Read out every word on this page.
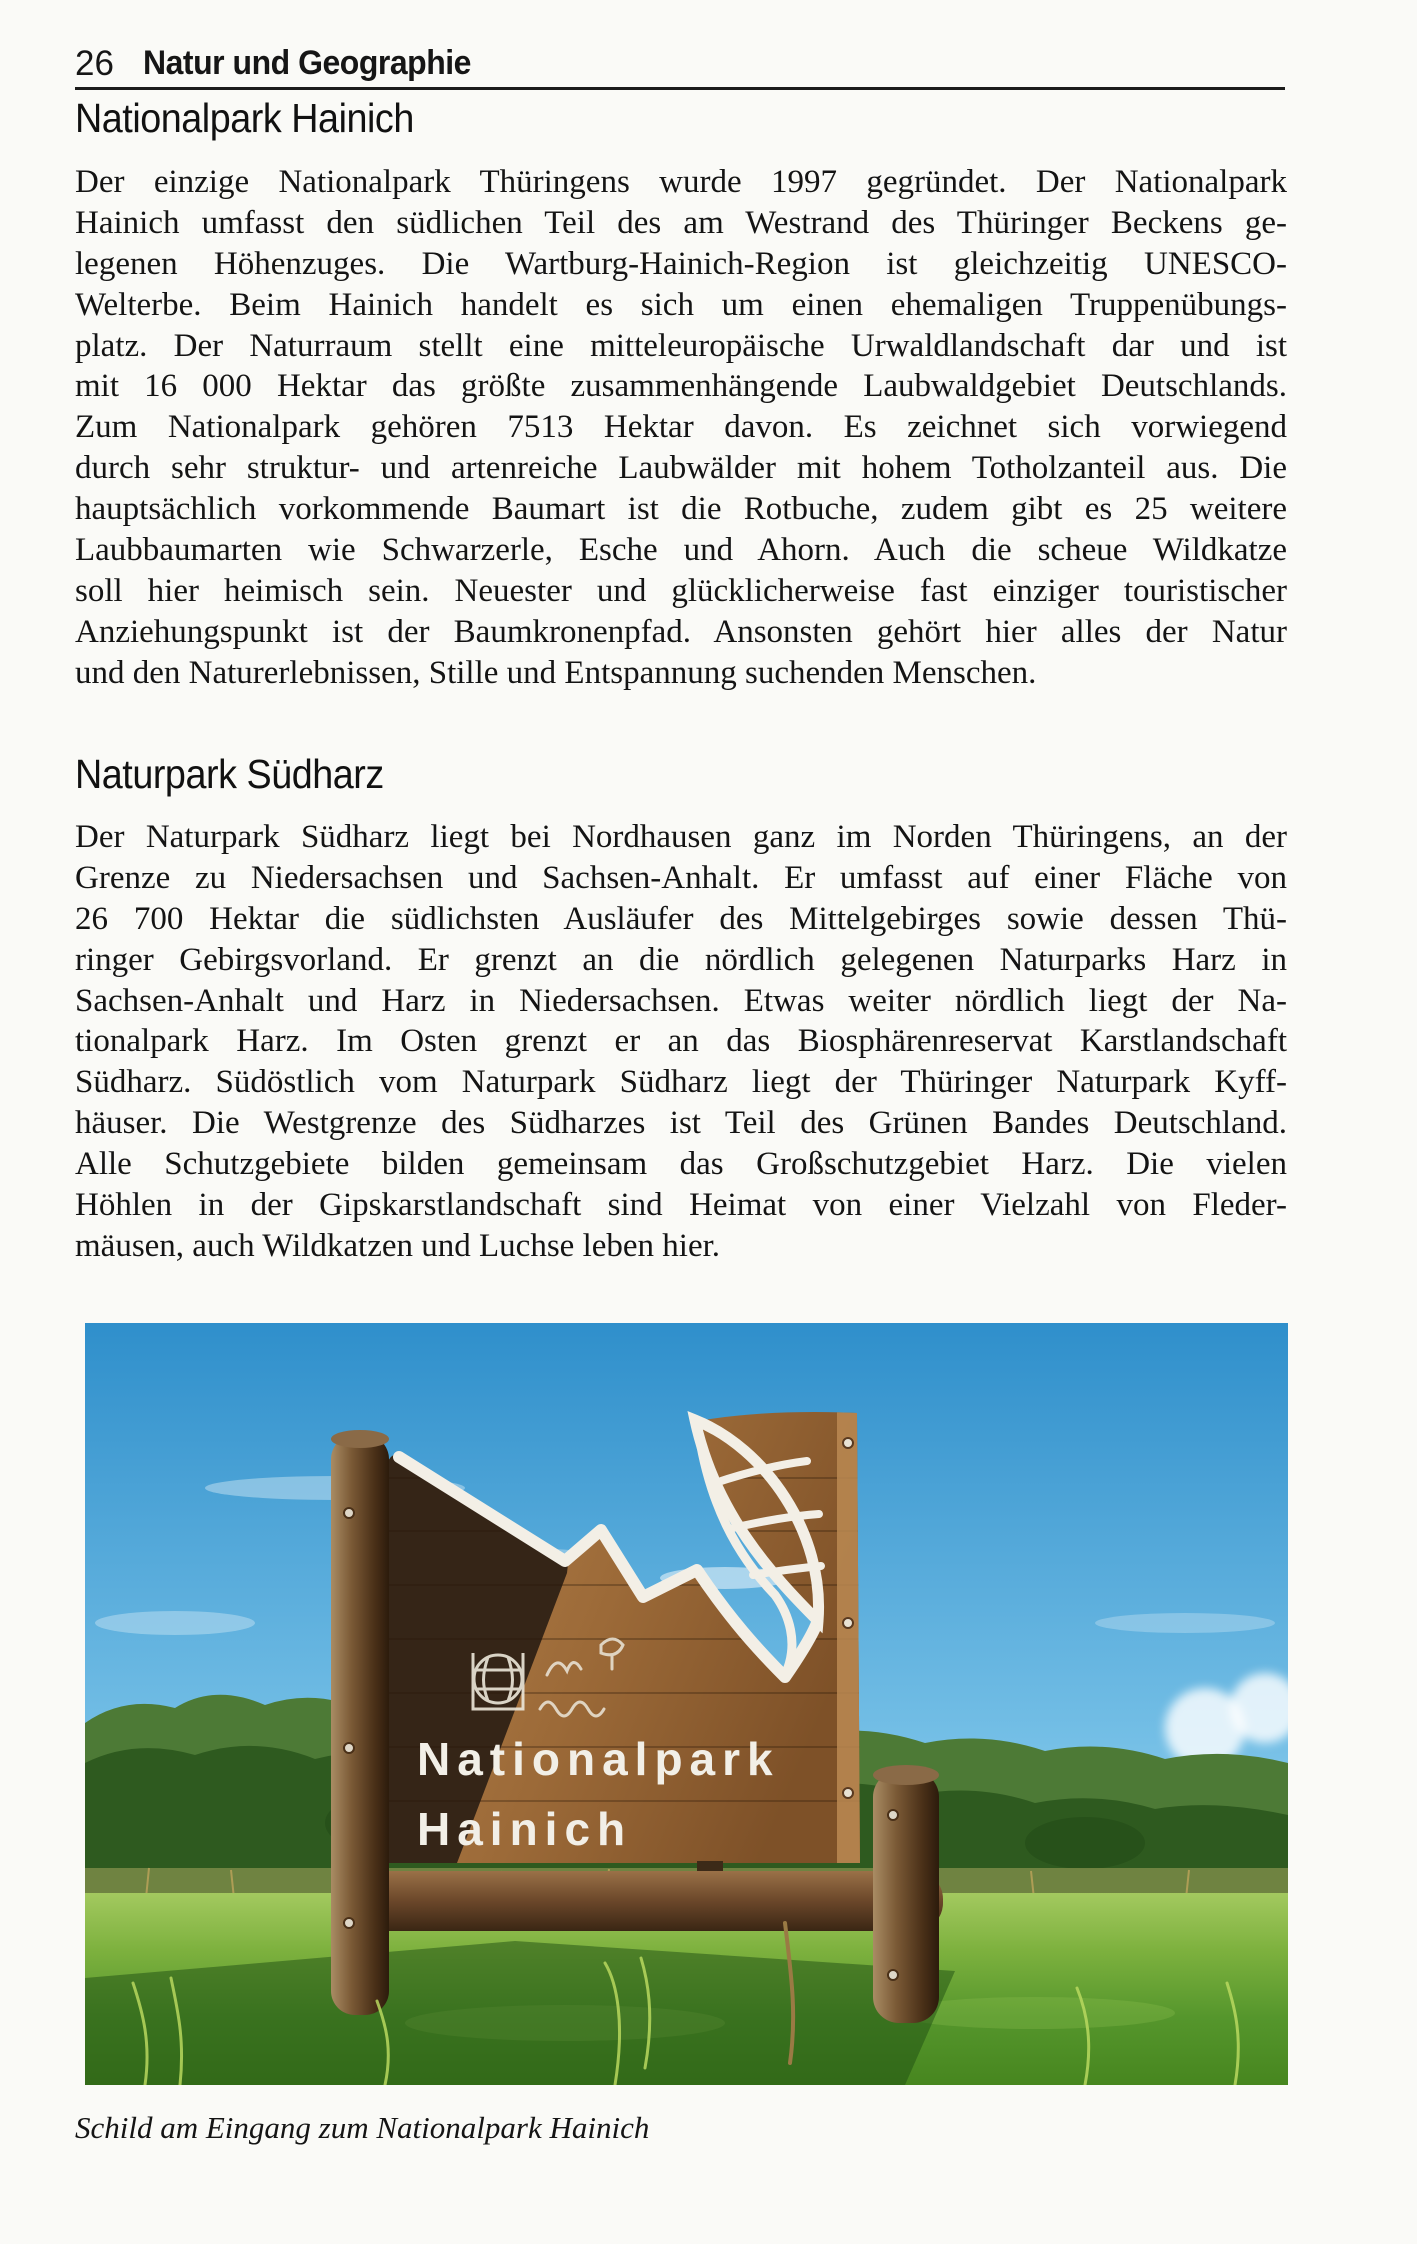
26 Natur und Geographie
Nationalpark Hainich
Der einzige Nationalpark Thüringens wurde 1997 gegründet. Der Nationalpark
Hainich umfasst den südlichen Teil des am Westrand des Thüringer Beckens ge-
legenen Höhenzuges. Die Wartburg-Hainich-Region ist gleichzeitig UNESCO-
Welterbe. Beim Hainich handelt es sich um einen ehemaligen Truppenübungs-
platz. Der Naturraum stellt eine mitteleuropäische Urwaldlandschaft dar und ist
mit 16 000 Hektar das größte zusammenhängende Laubwaldgebiet Deutschlands.
Zum Nationalpark gehören 7513 Hektar davon. Es zeichnet sich vorwiegend
durch sehr struktur- und artenreiche Laubwälder mit hohem Totholzanteil aus. Die
hauptsächlich vorkommende Baumart ist die Rotbuche, zudem gibt es 25 weitere
Laubbaumarten wie Schwarzerle, Esche und Ahorn. Auch die scheue Wildkatze
soll hier heimisch sein. Neuester und glücklicherweise fast einziger touristischer
Anziehungspunkt ist der Baumkronenpfad. Ansonsten gehört hier alles der Natur
und den Naturerlebnissen, Stille und Entspannung suchenden Menschen.
Naturpark Südharz
Der Naturpark Südharz liegt bei Nordhausen ganz im Norden Thüringens, an der
Grenze zu Niedersachsen und Sachsen-Anhalt. Er umfasst auf einer Fläche von
26 700 Hektar die südlichsten Ausläufer des Mittelgebirges sowie dessen Thü-
ringer Gebirgsvorland. Er grenzt an die nördlich gelegenen Naturparks Harz in
Sachsen-Anhalt und Harz in Niedersachsen. Etwas weiter nördlich liegt der Na-
tionalpark Harz. Im Osten grenzt er an das Biosphärenreservat Karstlandschaft
Südharz. Südöstlich vom Naturpark Südharz liegt der Thüringer Naturpark Kyff-
häuser. Die Westgrenze des Südharzes ist Teil des Grünen Bandes Deutschland.
Alle Schutzgebiete bilden gemeinsam das Großschutzgebiet Harz. Die vielen
Höhlen in der Gipskarstlandschaft sind Heimat von einer Vielzahl von Fleder-
mäusen, auch Wildkatzen und Luchse leben hier.
Nationalpark
Hainich
Schild am Eingang zum Nationalpark Hainich
